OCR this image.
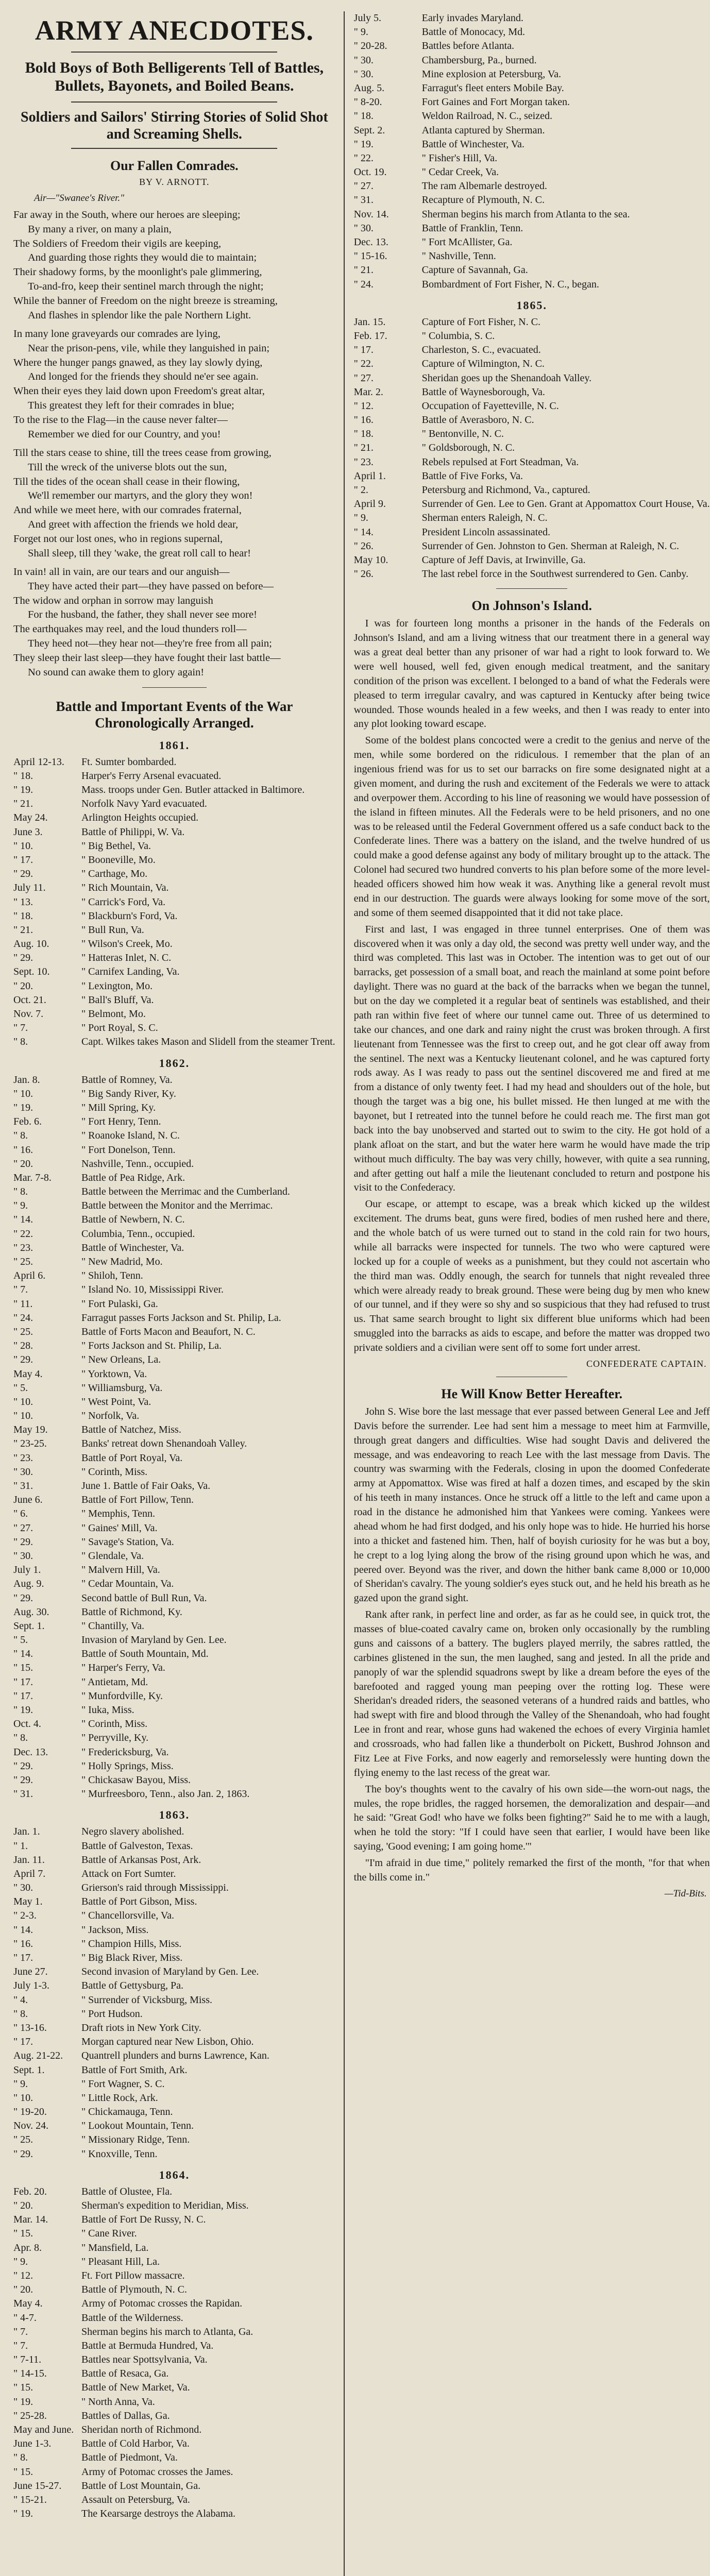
ARMY ANECDOTES.
Bold Boys of Both Belligerents Tell of Battles, Bullets, Bayonets, and Boiled Beans.
Soldiers and Sailors' Stirring Stories of Solid Shot and Screaming Shells.
Our Fallen Comrades.
BY V. ARNOTT.
Air—"Swanee's River."
Far away in the South, where our heroes are sleeping;
By many a river, on many a plain,
The Soldiers of Freedom their vigils are keeping,
And guarding those rights they would die to maintain;
Their shadowy forms, by the moonlight's pale glimmering,
To-and-fro, keep their sentinel march through the night;
While the banner of Freedom on the night breeze is streaming,
And flashes in splendor like the pale Northern Light.
In many lone graveyards our comrades are lying,
Near the prison-pens, vile, while they languished in pain;
Where the hunger pangs gnawed, as they lay slowly dying,
And longed for the friends they should ne'er see again.
When their eyes they laid down upon Freedom's great altar,
This greatest they left for their comrades in blue;
To the rise to the Flag—in the cause never falter—
Remember we died for our Country, and you!
Till the stars cease to shine, till the trees cease from growing,
Till the wreck of the universe blots out the sun,
Till the tides of the ocean shall cease in their flowing,
We'll remember our martyrs, and the glory they won!
And while we meet here, with our comrades fraternal,
And greet with affection the friends we hold dear,
Forget not our lost ones, who in regions supernal,
Shall sleep, till they 'wake, the great roll call to hear!
In vain! all in vain, are our tears and our anguish—
They have acted their part—they have passed on before—
The widow and orphan in sorrow may languish
For the husband, the father, they shall never see more!
The earthquakes may reel, and the loud thunders roll—
They heed not—they hear not—they're free from all pain;
They sleep their last sleep—they have fought their last battle—
No sound can awake them to glory again!
Battle and Important Events of the War Chronologically Arranged.
1861.
April 12-13.	Ft. Sumter bombarded.
" 18.	Harper's Ferry Arsenal evacuated.
" 19.	Mass. troops under Gen. Butler attacked in Baltimore.
" 21.	Norfolk Navy Yard evacuated.
May 24.	Arlington Heights occupied.
June 3.	Battle of Philippi, W. Va.
" 10.	" Big Bethel, Va.
" 17.	" Booneville, Mo.
" 29.	" Carthage, Mo.
July 11.	" Rich Mountain, Va.
" 13.	" Carrick's Ford, Va.
" 18.	" Blackburn's Ford, Va.
" 21.	" Bull Run, Va.
Aug. 10.	" Wilson's Creek, Mo.
" 29.	" Hatteras Inlet, N. C.
Sept. 10.	" Carnifex Landing, Va.
" 20.	" Lexington, Mo.
Oct. 21.	" Ball's Bluff, Va.
Nov. 7.	" Belmont, Mo.
" 7.	" Port Royal, S. C.
" 8.	Capt. Wilkes takes Mason and Slidell from the steamer Trent.
1862.
Jan. 8.	Battle of Romney, Va.
" 10.	" Big Sandy River, Ky.
" 19.	" Mill Spring, Ky.
Feb. 6.	" Fort Henry, Tenn.
" 8.	" Roanoke Island, N. C.
" 16.	" Fort Donelson, Tenn.
" 20.	Nashville, Tenn., occupied.
Mar. 7-8.	Battle of Pea Ridge, Ark.
" 8.	Battle between the Merrimac and the Cumberland.
" 9.	Battle between the Monitor and the Merrimac.
" 14.	Battle of Newbern, N. C.
" 22.	Columbia, Tenn., occupied.
" 23.	Battle of Winchester, Va.
" 25.	" New Madrid, Mo.
April 6.	" Shiloh, Tenn.
" 7.	" Island No. 10, Mississippi River.
" 11.	" Fort Pulaski, Ga.
" 24.	Farragut passes Forts Jackson and St. Philip, La.
" 25.	Battle of Forts Macon and Beaufort, N. C.
" 28.	" Forts Jackson and St. Philip, La.
" 29.	" New Orleans, La.
May 4.	" Yorktown, Va.
" 5.	" Williamsburg, Va.
" 10.	" West Point, Va.
" 10.	" Norfolk, Va.
May 19.	Battle of Natchez, Miss.
" 23-25.	Banks' retreat down Shenandoah Valley.
" 23.	Battle of Port Royal, Va.
" 30.	" Corinth, Miss.
" 31.	June 1. Battle of Fair Oaks, Va.
June 6.	Battle of Fort Pillow, Tenn.
" 6.	" Memphis, Tenn.
" 27.	" Gaines' Mill, Va.
" 29.	" Savage's Station, Va.
" 30.	" Glendale, Va.
July 1.	" Malvern Hill, Va.
Aug. 9.	" Cedar Mountain, Va.
" 29.	Second battle of Bull Run, Va.
Aug. 30.	Battle of Richmond, Ky.
Sept. 1.	" Chantilly, Va.
" 5.	Invasion of Maryland by Gen. Lee.
" 14.	Battle of South Mountain, Md.
" 15.	" Harper's Ferry, Va.
" 17.	" Antietam, Md.
" 17.	" Munfordville, Ky.
" 19.	" Iuka, Miss.
Oct. 4.	" Corinth, Miss.
" 8.	" Perryville, Ky.
Dec. 13.	" Fredericksburg, Va.
" 29.	" Holly Springs, Miss.
" 29.	" Chickasaw Bayou, Miss.
" 31.	" Murfreesboro, Tenn., also Jan. 2, 1863.
1863.
Jan. 1.	Negro slavery abolished.
" 1.	Battle of Galveston, Texas.
Jan. 11.	Battle of Arkansas Post, Ark.
April 7.	Attack on Fort Sumter.
" 30.	Grierson's raid through Mississippi.
May 1.	Battle of Port Gibson, Miss.
" 2-3.	" Chancellorsville, Va.
" 14.	" Jackson, Miss.
" 16.	" Champion Hills, Miss.
" 17.	" Big Black River, Miss.
June 27.	Second invasion of Maryland by Gen. Lee.
July 1-3.	Battle of Gettysburg, Pa.
" 4.	" Surrender of Vicksburg, Miss.
" 8.	" Port Hudson.
" 13-16.	Draft riots in New York City.
" 17.	Morgan captured near New Lisbon, Ohio.
Aug. 21-22.	Quantrell plunders and burns Lawrence, Kan.
Sept. 1.	Battle of Fort Smith, Ark.
" 9.	" Fort Wagner, S. C.
" 10.	" Little Rock, Ark.
" 19-20.	" Chickamauga, Tenn.
Nov. 24.	" Lookout Mountain, Tenn.
" 25.	" Missionary Ridge, Tenn.
" 29.	" Knoxville, Tenn.
1864.
Feb. 20.	Battle of Olustee, Fla.
" 20.	Sherman's expedition to Meridian, Miss.
Mar. 14.	Battle of Fort De Russy, N. C.
" 15.	" Cane River.
Apr. 8.	" Mansfield, La.
" 9.	" Pleasant Hill, La.
" 12.	Ft. Fort Pillow massacre.
" 20.	Battle of Plymouth, N. C.
May 4.	Army of Potomac crosses the Rapidan.
" 4-7.	Battle of the Wilderness.
" 7.	Sherman begins his march to Atlanta, Ga.
" 7.	Battle at Bermuda Hundred, Va.
" 7-11.	Battles near Spottsylvania, Va.
" 14-15.	Battle of Resaca, Ga.
" 15.	Battle of New Market, Va.
" 19.	" North Anna, Va.
" 25-28.	Battles of Dallas, Ga.
May and June. Sheridan north of Richmond.
June 1-3.	Battle of Cold Harbor, Va.
" 8.	Battle of Piedmont, Va.
" 15.	Army of Potomac crosses the James.
June 15-27.	Battle of Lost Mountain, Ga.
" 15-21.	Assault on Petersburg, Va.
" 19.	The Kearsarge destroys the Alabama.
July 5.	Early invades Maryland.
" 9.	Battle of Monocacy, Md.
" 20-28.	Battles before Atlanta.
" 30.	Chambersburg, Pa., burned.
" 30.	Mine explosion at Petersburg, Va.
Aug. 5.	Farragut's fleet enters Mobile Bay.
" 8-20.	Fort Gaines and Fort Morgan taken.
" 18.	Weldon Railroad, N. C., seized.
Sept. 2.	Atlanta captured by Sherman.
" 19.	Battle of Winchester, Va.
" 22.	" Fisher's Hill, Va.
Oct. 19.	" Cedar Creek, Va.
" 27.	The ram Albemarle destroyed.
" 31.	Recapture of Plymouth, N. C.
Nov. 14.	Sherman begins his march from Atlanta to the sea.
" 30.	Battle of Franklin, Tenn.
Dec. 13.	" Fort McAllister, Ga.
" 15-16.	" Nashville, Tenn.
" 21.	Capture of Savannah, Ga.
" 24.	Bombardment of Fort Fisher, N. C., began.
1865.
Jan. 15.	Capture of Fort Fisher, N. C.
Feb. 17.	" Columbia, S. C.
" 17.	Charleston, S. C., evacuated.
" 22.	Capture of Wilmington, N. C.
" 27.	Sheridan goes up the Shenandoah Valley.
Mar. 2.	Battle of Waynesborough, Va.
" 12.	Occupation of Fayetteville, N. C.
" 16.	Battle of Averasboro, N. C.
" 18.	" Bentonville, N. C.
" 21.	" Goldsborough, N. C.
" 23.	Rebels repulsed at Fort Steadman, Va.
April 1.	Battle of Five Forks, Va.
" 2.	Petersburg and Richmond, Va., captured.
April 9.	Surrender of Gen. Lee to Gen. Grant at Appomattox Court House, Va.
" 9.	Sherman enters Raleigh, N. C.
" 14.	President Lincoln assassinated.
" 26.	Surrender of Gen. Johnston to Gen. Sherman at Raleigh, N. C.
May 10.	Capture of Jeff Davis, at Irwinville, Ga.
" 26.	The last rebel force in the Southwest surrendered to Gen. Canby.
On Johnson's Island.

I was for fourteen long months a prisoner in the hands of the Federals on Johnson's Island, and am a living witness that our treatment there in a general way was a great deal better than any prisoner of war had a right to look forward to. We were well housed, well fed, given enough medical treatment, and the sanitary condition of the prison was excellent. I belonged to a band of what the Federals were pleased to term irregular cavalry, and was captured in Kentucky after being twice wounded. Those wounds healed in a few weeks, and then I was ready to enter into any plot looking toward escape.

Some of the boldest plans concocted were a credit to the genius and nerve of the men, while some bordered on the ridiculous. I remember that the plan of an ingenious friend was for us to set our barracks on fire some designated night at a given moment, and during the rush and excitement of the Federals we were to attack and overpower them. According to his line of reasoning we would have possession of the island in fifteen minutes. All the Federals were to be held prisoners, and no one was to be released until the Federal Government offered us a safe conduct back to the Confederate lines. There was a battery on the island, and the twelve hundred of us could make a good defense against any body of military brought up to the attack. The Colonel had secured two hundred converts to his plan before some of the more level-headed officers showed him how weak it was. Anything like a general revolt must end in our destruction. The guards were always looking for some move of the sort, and some of them seemed disappointed that it did not take place.

First and last, I was engaged in three tunnel enterprises. One of them was discovered when it was only a day old, the second was pretty well under way, and the third was completed. This last was in October. The intention was to get out of our barracks, get possession of a small boat, and reach the mainland at some point before daylight. There was no guard at the back of the barracks when we began the tunnel, but on the day we completed it a regular beat of sentinels was established, and their path ran within five feet of where our tunnel came out. Three of us determined to take our chances, and one dark and rainy night the crust was broken through. A first lieutenant from Tennessee was the first to creep out, and he got clear off away from the sentinel. The next was a Kentucky lieutenant colonel, and he was captured forty rods away. As I was ready to pass out the sentinel discovered me and fired at me from a distance of only twenty feet. I had my head and shoulders out of the hole, but though the target was a big one, his bullet missed. He then lunged at me with the bayonet, but I retreated into the tunnel before he could reach me. The first man got back into the bay unobserved and started out to swim to the city. He got hold of a plank afloat on the start, and but the water here warm he would have made the trip without much difficulty. The bay was very chilly, however, with quite a sea running, and after getting out half a mile the lieutenant concluded to return and postpone his visit to the Confederacy.

Our escape, or attempt to escape, was a break which kicked up the wildest excitement. The drums beat, guns were fired, bodies of men rushed here and there, and the whole batch of us were turned out to stand in the cold rain for two hours, while all barracks were inspected for tunnels. The two who were captured were locked up for a couple of weeks as a punishment, but they could not ascertain who the third man was. Oddly enough, the search for tunnels that night revealed three which were already ready to break ground. These were being dug by men who knew of our tunnel, and if they were so shy and so suspicious that they had refused to trust us. That same search brought to light six different blue uniforms which had been smuggled into the barracks as aids to escape, and before the matter was dropped two private soldiers and a civilian were sent off to some fort under arrest.

CONFEDERATE CAPTAIN.
He Will Know Better Hereafter.

John S. Wise bore the last message that ever passed between General Lee and Jeff Davis before the surrender. Lee had sent him a message to meet him at Farmville, through great dangers and difficulties. Wise had sought Davis and delivered the message, and was endeavoring to reach Lee with the last message from Davis. The country was swarming with the Federals, closing in upon the doomed Confederate army at Appomattox. Wise was fired at half a dozen times, and escaped by the skin of his teeth in many instances. Once he struck off a little to the left and came upon a road in the distance he admonished him that Yankees were coming. Yankees were ahead whom he had first dodged, and his only hope was to hide. He hurried his horse into a thicket and fastened him. Then, half of boyish curiosity for he was but a boy, he crept to a log lying along the brow of the rising ground upon which he was, and peered over. Beyond was the river, and down the hither bank came 8,000 or 10,000 of Sheridan's cavalry. The young soldier's eyes stuck out, and he held his breath as he gazed upon the grand sight.

Rank after rank, in perfect line and order, as far as he could see, in quick trot, the masses of blue-coated cavalry came on, broken only occasionally by the rumbling guns and caissons of a battery. The buglers played merrily, the sabres rattled, the carbines glistened in the sun, the men laughed, sang and jested. In all the pride and panoply of war the splendid squadrons swept by like a dream before the eyes of the barefooted and ragged young man peeping over the rotting log. These were Sheridan's dreaded riders, the seasoned veterans of a hundred raids and battles, who had swept with fire and blood through the Valley of the Shenandoah, who had fought Lee in front and rear, whose guns had wakened the echoes of every Virginia hamlet and crossroads, who had fallen like a thunderbolt on Pickett, Bushrod Johnson and Fitz Lee at Five Forks, and now eagerly and remorselessly were hunting down the flying enemy to the last recess of the great war.

The boy's thoughts went to the cavalry of his own side—the worn-out nags, the mules, the rope bridles, the ragged horsemen, the demoralization and despair—and he said: "Great God! who have we folks been fighting?" Said he to me with a laugh, when he told the story: "If I could have seen that earlier, I would have been like saying, 'Good evening; I am going home.'"

"I'm afraid in due time," politely remarked the first of the month, "for that when the bills come in."

—Tid-Bits.
